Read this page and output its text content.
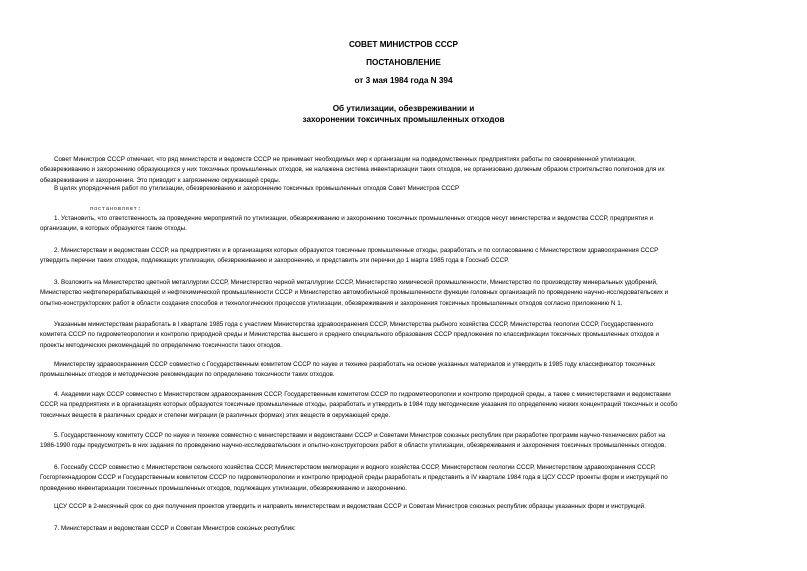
СОВЕТ МИНИСТРОВ СССР
ПОСТАНОВЛЕНИЕ
от 3 мая 1984 года N 394
Об утилизации, обезвреживании и
захоронении токсичных промышленных отходов
постановляет:
Совет Министров СССР отмечает, что ряд министерств и ведомств СССР не принимает необходимых мер к организации на подведомственных предприятиях работы по своевременной утилизации,
обезвреживанию и захоронению образующихся у них токсичных промышленных отходов, не налажена система инвентаризации таких отходов, не организовано должным образом строительство полигонов для их
обезвреживания и захоронения. Это приводит к загрязнению окружающей среды.
В целях упорядочения работ по утилизации, обезвреживанию и захоронению токсичных промышленных отходов Совет Министров СССР
1. Установить, что ответственность за проведение мероприятий по утилизации, обезвреживанию и захоронению токсичных промышленных отходов несут министерства и ведомства СССР, предприятия и
организации, в которых образуются такие отходы.
2. Министерствам и ведомствам СССР, на предприятиях и в организациях которых образуются токсичные промышленные отходы, разработать и по согласованию с Министерством здравоохранения СССР
утвердить перечни таких отходов, подлежащих утилизации, обезвреживанию и захоронению, и представить эти перечни до 1 марта 1985 года в Госснаб СССР.
3. Возложить на Министерство цветной металлургии СССР, Министерство черной металлургии СССР, Министерство химической промышленности, Министерство по производству минеральных удобрений,
Министерство нефтеперерабатывающей и нефтехимической промышленности СССР и Министерство автомобильной промышленности функции головных организаций по проведению научно-исследовательских и
опытно-конструкторских работ в области создания способов и технологических процессов утилизации, обезвреживания и захоронения токсичных промышленных отходов согласно приложению N 1.
Указанным министерствам разработать в I квартале 1985 года с участием Министерства здравоохранения СССР, Министерства рыбного хозяйства СССР, Министерства геологии СССР, Государственного
комитета СССР по гидрометеорологии и контролю природной среды и Министерства высшего и среднего специального образования СССР предложения по классификации токсичных промышленных отходов и
проекты методических рекомендаций по определению токсичности таких отходов.
Министерству здравоохранения СССР совместно с Государственным комитетом СССР по науке и технике разработать на основе указанных материалов и утвердить в 1985 году классификатор токсичных
промышленных отходов и методические рекомендации по определению токсичности таких отходов.
4. Академии наук СССР совместно с Министерством здравоохранения СССР, Государственным комитетом СССР по гидрометеорологии и контролю природной среды, а также с министерствами и ведомствами
СССР, на предприятиях и в организациях которых образуются токсичные промышленные отходы, разработать и утвердить в 1984 году методические указания по определению низких концентраций токсичных и особо
токсичных веществ в различных средах и степени миграции (в различных формах) этих веществ в окружающей среде.
5. Государственному комитету СССР по науке и технике совместно с министерствами и ведомствами СССР и Советами Министров союзных республик при разработке программ научно-технических работ на
1986-1990 годы предусмотреть в них задания по проведению научно-исследовательских и опытно-конструкторских работ в области утилизации, обезвреживания и захоронения токсичных промышленных отходов.
6. Госснабу СССР совместно с Министерством сельского хозяйства СССР, Министерством мелиорации и водного хозяйства СССР, Министерством геологии СССР, Министерством здравоохранения СССР,
Госгортехнадзором СССР и Государственным комитетом СССР по гидрометеорологии и контролю природной среды разработать и представить в IV квартале 1984 года в ЦСУ СССР проекты форм и инструкций по
проведению инвентаризации токсичных промышленных отходов, подлежащих утилизации, обезвреживанию и захоронению.
ЦСУ СССР в 2-месячный срок со дня получения проектов утвердить и направить министерствам и ведомствам СССР и Советам Министров союзных республик образцы указанных форм и инструкций.
7. Министерствам и ведомствам СССР и Советам Министров союзных республик:
